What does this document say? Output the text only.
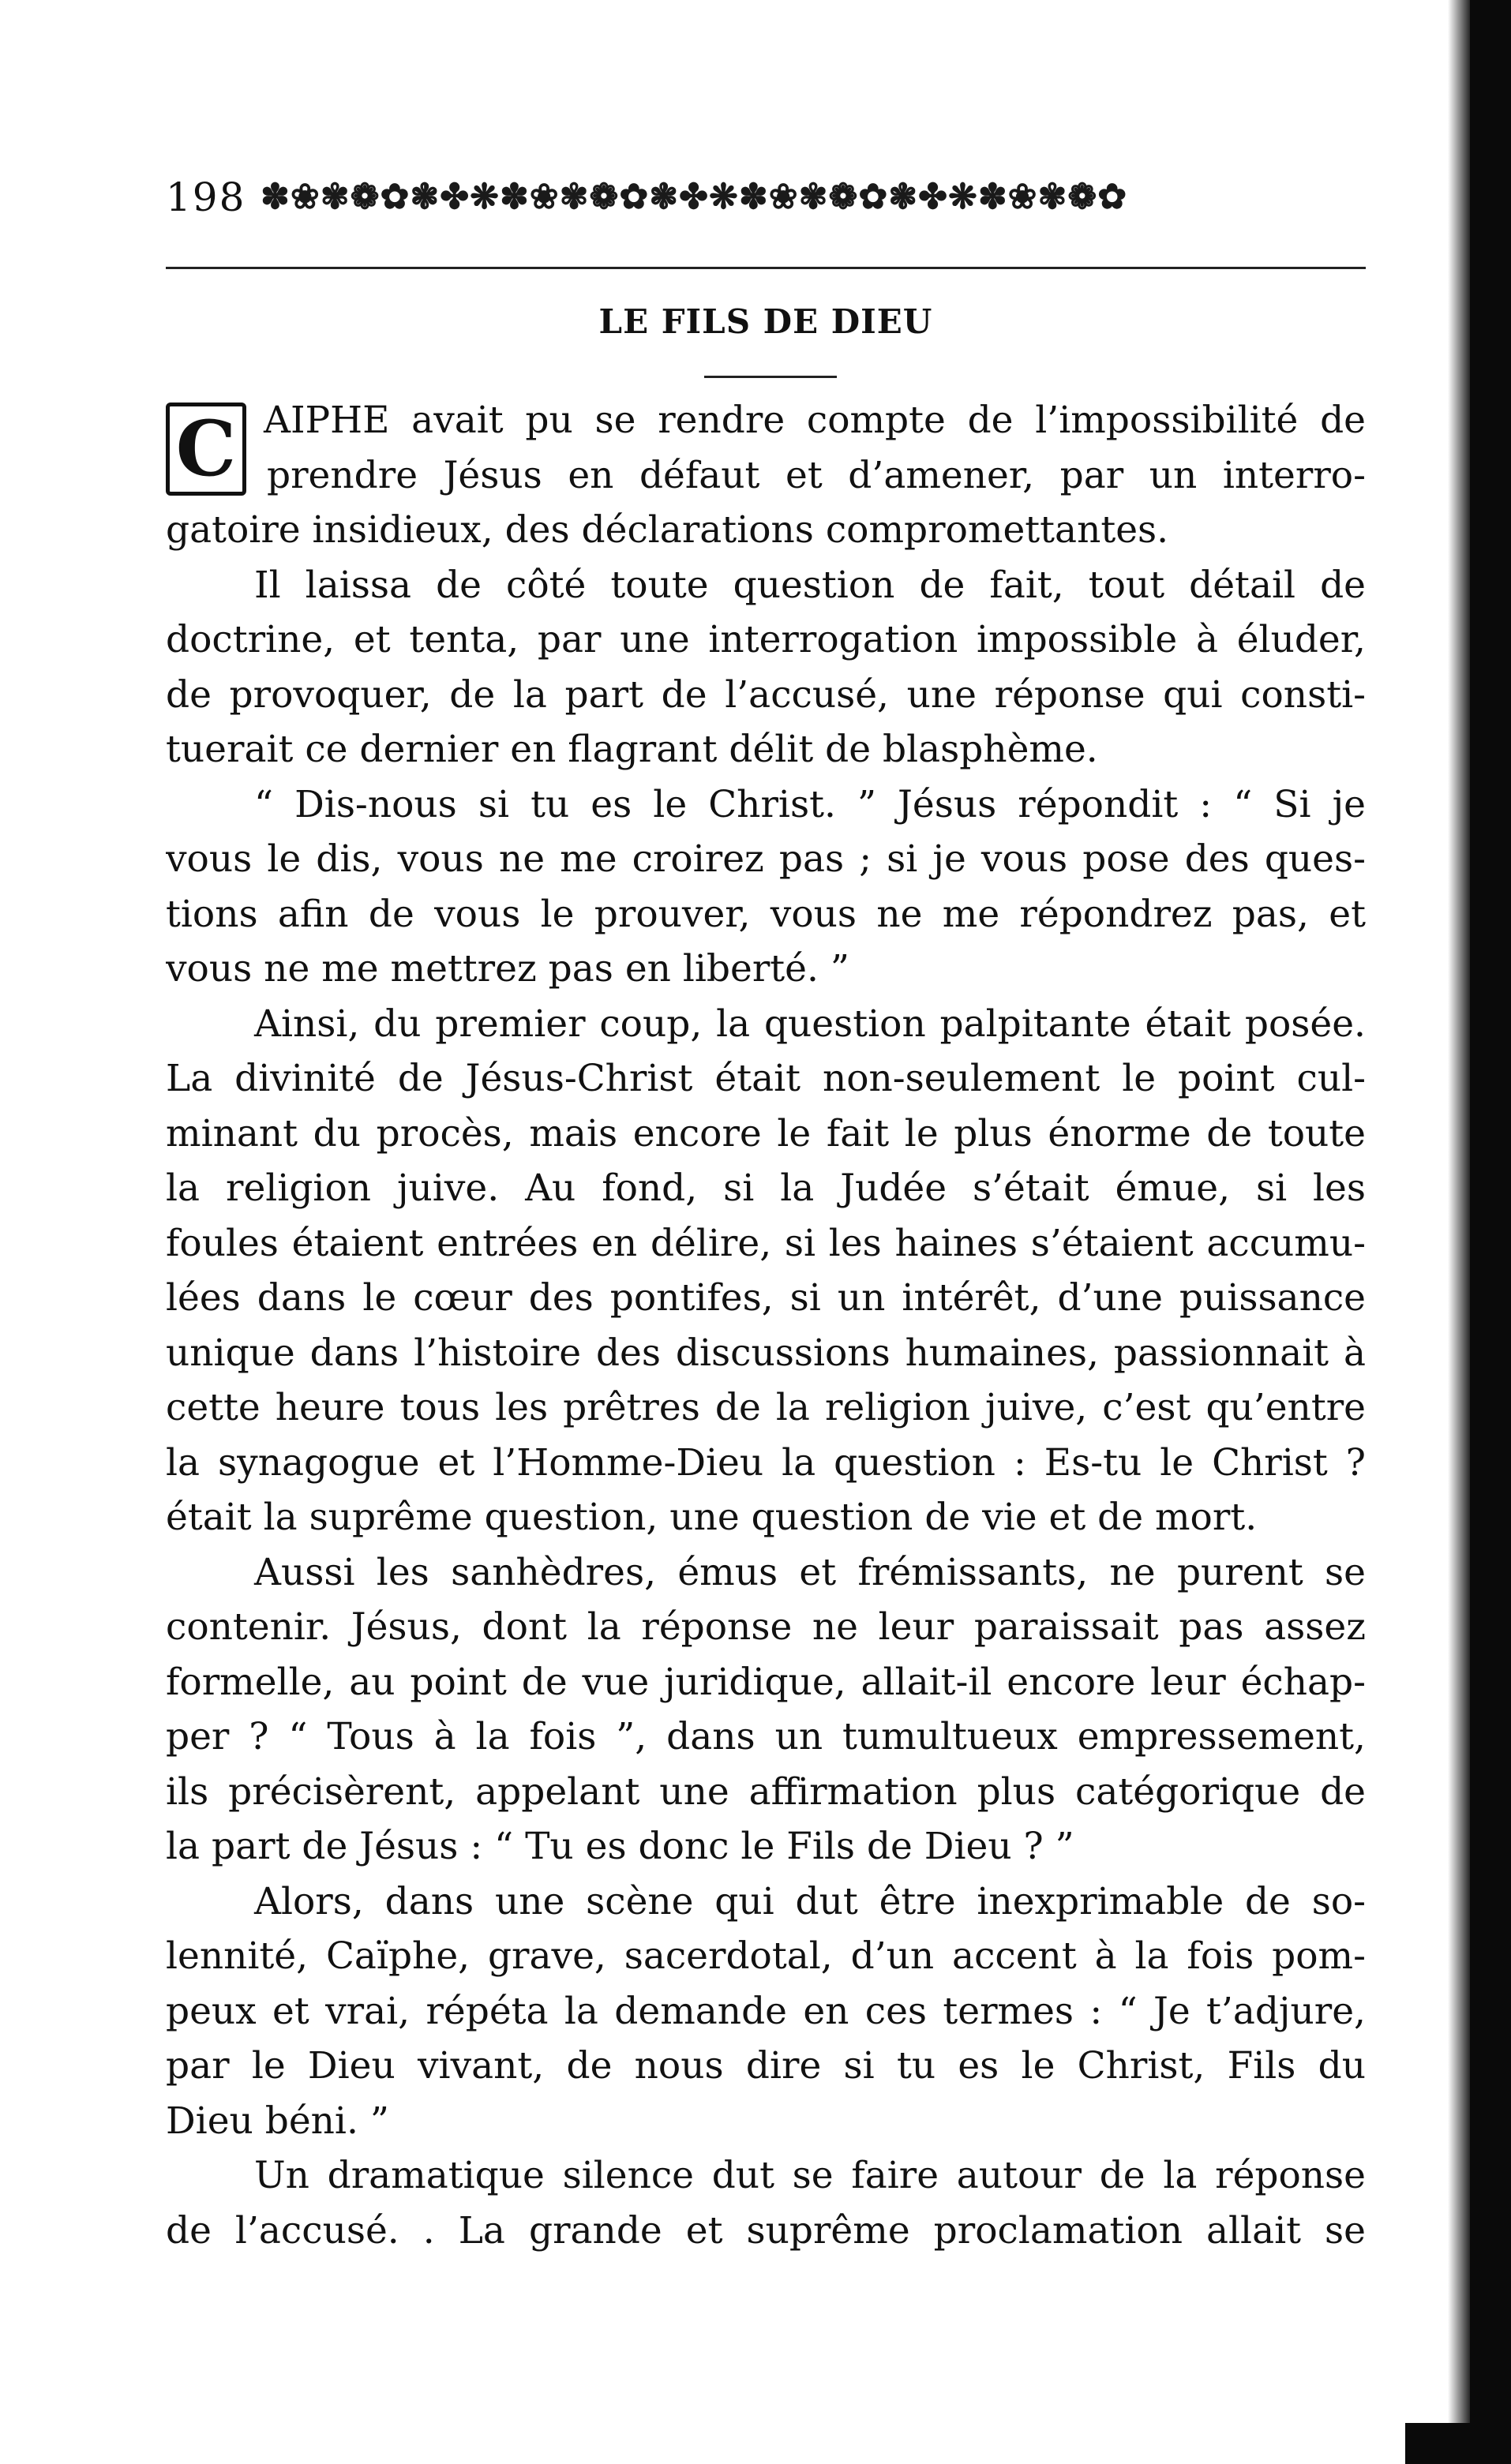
198 ✽❀✾❁✿❃✤❋✽❀✾❁✿❃✤❋✽❀✾❁✿❃✤❋✽❀✾❁✿
LE FILS DE DIEU
C AIPHE avait pu se rendre compte de l’impossibilité de
prendre Jésus en défaut et d’amener, par un interro-
gatoire insidieux, des déclarations compromettantes.
Il laissa de côté toute question de fait, tout détail de
doctrine, et tenta, par une interrogation impossible à éluder,
de provoquer, de la part de l’accusé, une réponse qui consti-
tuerait ce dernier en flagrant délit de blasphème.
“ Dis-nous si tu es le Christ. ” Jésus répondit : “ Si je
vous le dis, vous ne me croirez pas ; si je vous pose des ques-
tions afin de vous le prouver, vous ne me répondrez pas, et
vous ne me mettrez pas en liberté. ”
Ainsi, du premier coup, la question palpitante était posée.
La divinité de Jésus-Christ était non-seulement le point cul-
minant du procès, mais encore le fait le plus énorme de toute
la religion juive. Au fond, si la Judée s’était émue, si les
foules étaient entrées en délire, si les haines s’étaient accumu-
lées dans le cœur des pontifes, si un intérêt, d’une puissance
unique dans l’histoire des discussions humaines, passionnait à
cette heure tous les prêtres de la religion juive, c’est qu’entre
la synagogue et l’Homme-Dieu la question : Es-tu le Christ ?
était la suprême question, une question de vie et de mort.
Aussi les sanhèdres, émus et frémissants, ne purent se
contenir. Jésus, dont la réponse ne leur paraissait pas assez
formelle, au point de vue juridique, allait-il encore leur échap-
per ? “ Tous à la fois ”, dans un tumultueux empressement,
ils précisèrent, appelant une affirmation plus catégorique de
la part de Jésus : “ Tu es donc le Fils de Dieu ? ”
Alors, dans une scène qui dut être inexprimable de so-
lennité, Caïphe, grave, sacerdotal, d’un accent à la fois pom-
peux et vrai, répéta la demande en ces termes : “ Je t’adjure,
par le Dieu vivant, de nous dire si tu es le Christ, Fils du
Dieu béni. ”
Un dramatique silence dut se faire autour de la réponse
de l’accusé. . La grande et suprême proclamation allait se
